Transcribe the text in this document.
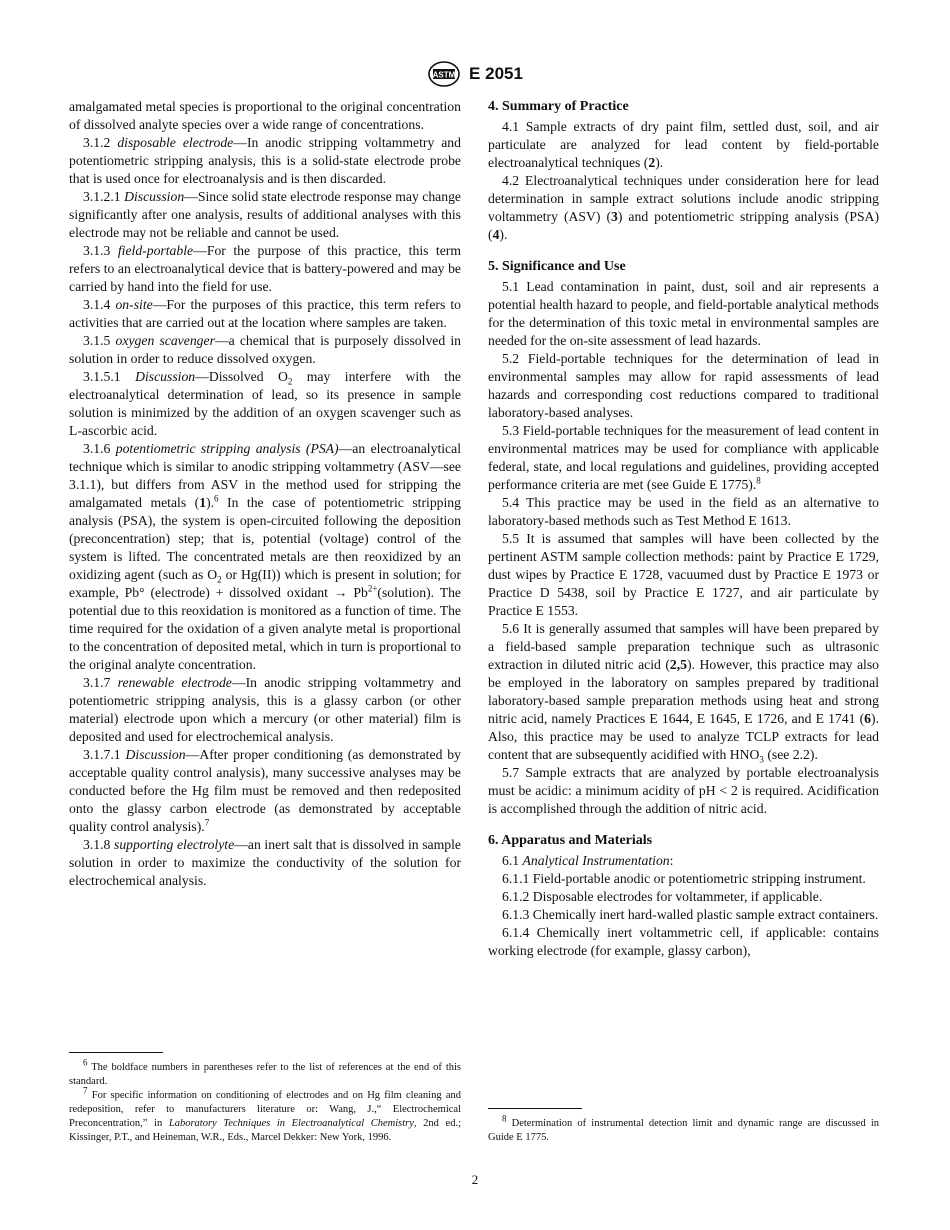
ASTM E 2051

amalgamated metal species is proportional to the original concentration of dissolved analyte species over a wide range of concentrations.

3.1.2 disposable electrode—In anodic stripping voltammetry and potentiometric stripping analysis, this is a solid-state electrode probe that is used once for electroanalysis and is then discarded.

3.1.2.1 Discussion—Since solid state electrode response may change significantly after one analysis, results of additional analyses with this electrode may not be reliable and cannot be used.

3.1.3 field-portable—For the purpose of this practice, this term refers to an electroanalytical device that is battery-powered and may be carried by hand into the field for use.

3.1.4 on-site—For the purposes of this practice, this term refers to activities that are carried out at the location where samples are taken.

3.1.5 oxygen scavenger—a chemical that is purposely dissolved in solution in order to reduce dissolved oxygen.

3.1.5.1 Discussion—Dissolved $O_2$ may interfere with the electroanalytical determination of lead, so its presence in sample solution is minimized by the addition of an oxygen scavenger such as L-ascorbic acid.

3.1.6 potentiometric stripping analysis (PSA)—an electroanalytical technique which is similar to anodic stripping voltammetry (ASV—see 3.1.1), but differs from ASV in the method used for stripping the amalgamated metals (1).$^6$ In the case of potentiometric stripping analysis (PSA), the system is open-circuited following the deposition (preconcentration) step; that is, potential (voltage) control of the system is lifted. The concentrated metals are then reoxidized by an oxidizing agent (such as $O_2$ or Hg(II)) which is present in solution; for example, Pb° (electrode) + dissolved oxidant → $Pb^{2+}(solution)$. The potential due to this reoxidation is monitored as a function of time. The time required for the oxidation of a given analyte metal is proportional to the concentration of deposited metal, which in turn is proportional to the original analyte concentration.

3.1.7 renewable electrode—In anodic stripping voltammetry and potentiometric stripping analysis, this is a glassy carbon (or other material) electrode upon which a mercury (or other material) film is deposited and used for electrochemical analysis.

3.1.7.1 Discussion—After proper conditioning (as demonstrated by acceptable quality control analysis), many successive analyses may be conducted before the Hg film must be removed and then redeposited onto the glassy carbon electrode (as demonstrated by acceptable quality control analysis).$^7$

3.1.8 supporting electrolyte—an inert salt that is dissolved in sample solution in order to maximize the conductivity of the solution for electrochemical analysis.

4. Summary of Practice

4.1 Sample extracts of dry paint film, settled dust, soil, and air particulate are analyzed for lead content by field-portable electroanalytical techniques (2).

4.2 Electroanalytical techniques under consideration here for lead determination in sample extract solutions include anodic stripping voltammetry (ASV) (3) and potentiometric stripping analysis (PSA) (4).

5. Significance and Use

5.1 Lead contamination in paint, dust, soil and air represents a potential health hazard to people, and field-portable analytical methods for the determination of this toxic metal in environmental samples are needed for the on-site assessment of lead hazards.

5.2 Field-portable techniques for the determination of lead in environmental samples may allow for rapid assessments of lead hazards and corresponding cost reductions compared to traditional laboratory-based analyses.

5.3 Field-portable techniques for the measurement of lead content in environmental matrices may be used for compliance with applicable federal, state, and local regulations and guidelines, providing accepted performance criteria are met (see Guide E 1775).$^8$

5.4 This practice may be used in the field as an alternative to laboratory-based methods such as Test Method E 1613.

5.5 It is assumed that samples will have been collected by the pertinent ASTM sample collection methods: paint by Practice E 1729, dust wipes by Practice E 1728, vacuumed dust by Practice E 1973 or Practice D 5438, soil by Practice E 1727, and air particulate by Practice E 1553.

5.6 It is generally assumed that samples will have been prepared by a field-based sample preparation technique such as ultrasonic extraction in diluted nitric acid (2,5). However, this practice may also be employed in the laboratory on samples prepared by traditional laboratory-based sample preparation methods using heat and strong nitric acid, namely Practices E 1644, E 1645, E 1726, and E 1741 (6). Also, this practice may be used to analyze TCLP extracts for lead content that are subsequently acidified with $HNO_3$ (see 2.2).

5.7 Sample extracts that are analyzed by portable electroanalysis must be acidic: a minimum acidity of pH < 2 is required. Acidification is accomplished through the addition of nitric acid.

6. Apparatus and Materials

6.1 Analytical Instrumentation:

6.1.1 Field-portable anodic or potentiometric stripping instrument.

6.1.2 Disposable electrodes for voltammeter, if applicable.

6.1.3 Chemically inert hard-walled plastic sample extract containers.

6.1.4 Chemically inert voltammetric cell, if applicable: contains working electrode (for example, glassy carbon),

$^6$ The boldface numbers in parentheses refer to the list of references at the end of this standard.

$^7$ For specific information on conditioning of electrodes and on Hg film cleaning and redeposition, refer to manufacturers literature or: Wang, J.,“ Electrochemical Preconcentration,” in Laboratory Techniques in Electroanalytical Chemistry, 2nd ed.; Kissinger, P.T., and Heineman, W.R., Eds., Marcel Dekker: New York, 1996.

$^8$ Determination of instrumental detection limit and dynamic range are discussed in Guide E 1775.

2
